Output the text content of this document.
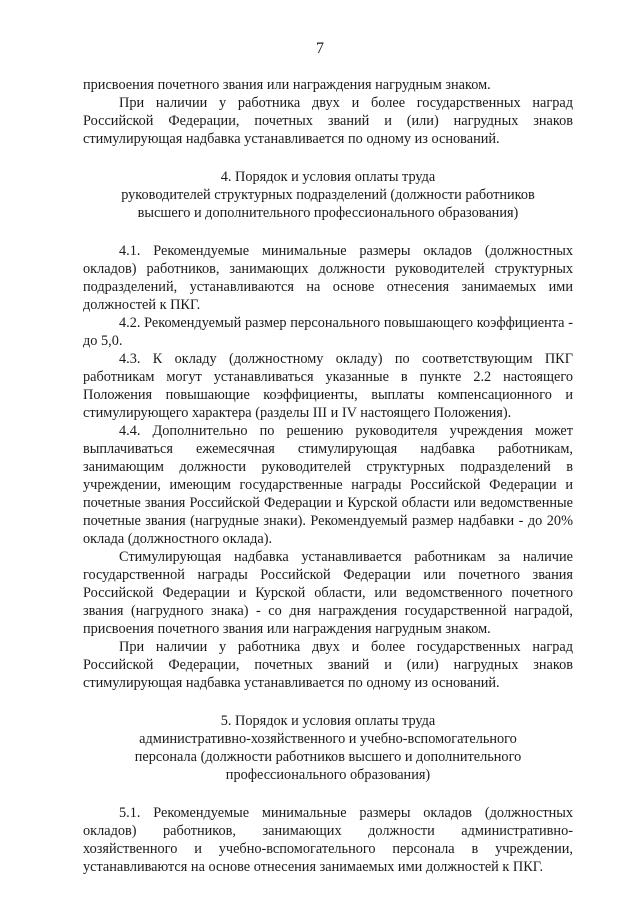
7

присвоения почетного звания или награждения нагрудным знаком.

При наличии у работника двух и более государственных наград Российской Федерации, почетных званий и (или) нагрудных знаков стимулирующая надбавка устанавливается по одному из оснований.

4. Порядок и условия оплаты труда

руководителей структурных подразделений (должности работников высшего и дополнительного профессионального образования)

4.1. Рекомендуемые минимальные размеры окладов (должностных окладов) работников, занимающих должности руководителей структурных подразделений, устанавливаются на основе отнесения занимаемых ими должностей к ПКГ.

4.2. Рекомендуемый размер персонального повышающего коэффициента - до 5,0.

4.3. К окладу (должностному окладу) по соответствующим ПКГ работникам могут устанавливаться указанные в пункте 2.2 настоящего Положения повышающие коэффициенты, выплаты компенсационного и стимулирующего характера (разделы III и IV настоящего Положения).

4.4. Дополнительно по решению руководителя учреждения может выплачиваться ежемесячная стимулирующая надбавка работникам, занимающим должности руководителей структурных подразделений в учреждении, имеющим государственные награды Российской Федерации и почетные звания Российской Федерации и Курской области или ведомственные почетные звания (нагрудные знаки). Рекомендуемый размер надбавки - до 20% оклада (должностного оклада).

Стимулирующая надбавка устанавливается работникам за наличие государственной награды Российской Федерации или почетного звания Российской Федерации и Курской области, или ведомственного почетного звания (нагрудного знака) - со дня награждения государственной наградой, присвоения почетного звания или награждения нагрудным знаком.

При наличии у работника двух и более государственных наград Российской Федерации, почетных званий и (или) нагрудных знаков стимулирующая надбавка устанавливается по одному из оснований.

5. Порядок и условия оплаты труда

административно-хозяйственного и учебно-вспомогательного персонала (должности работников высшего и дополнительного профессионального образования)

5.1. Рекомендуемые минимальные размеры окладов (должностных окладов) работников, занимающих должности административно-хозяйственного и учебно-вспомогательного персонала в учреждении, устанавливаются на основе отнесения занимаемых ими должностей к ПКГ.
